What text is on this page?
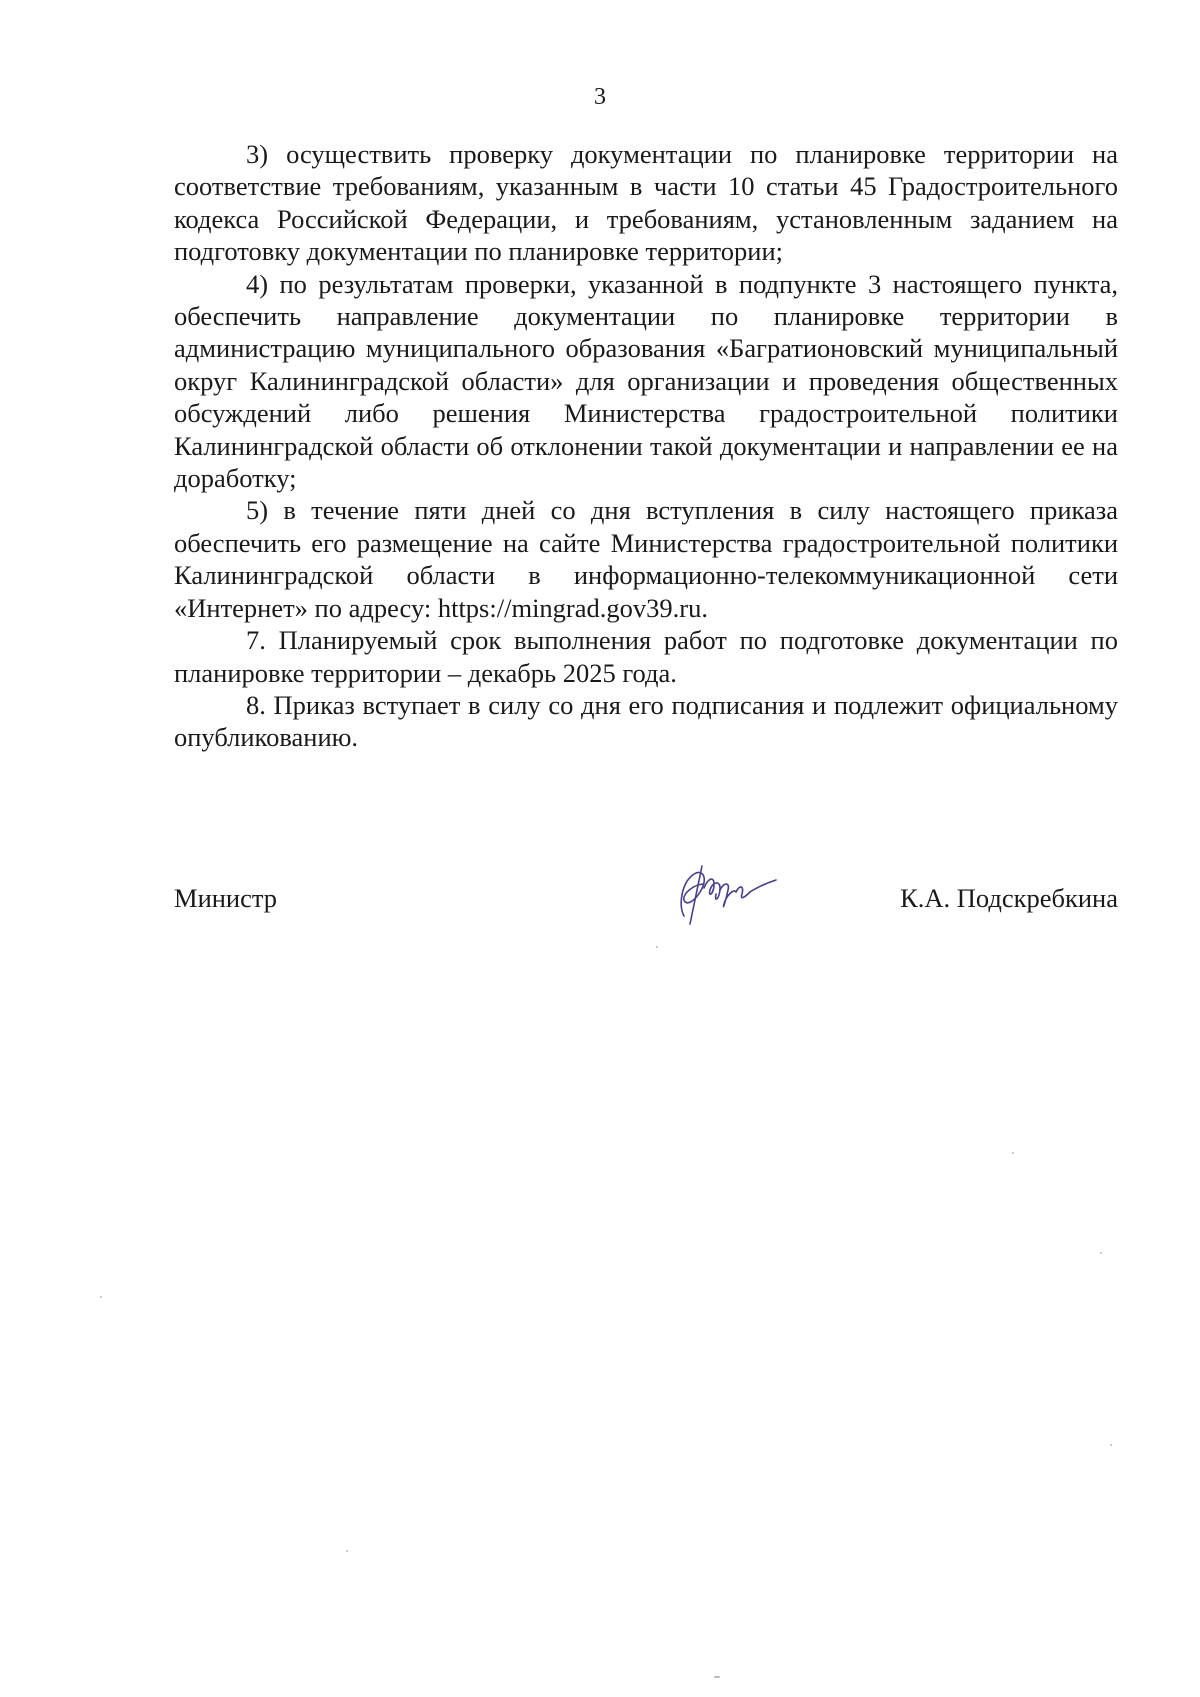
3

3) осуществить проверку документации по планировке территории на соответствие требованиям, указанным в части 10 статьи 45 Градостроительного кодекса Российской Федерации, и требованиям, установленным заданием на подготовку документации по планировке территории;

4) по результатам проверки, указанной в подпункте 3 настоящего пункта, обеспечить направление документации по планировке территории в администрацию муниципального образования «Багратионовский муниципальный округ Калининградской области» для организации и проведения общественных обсуждений либо решения Министерства градостроительной политики Калининградской области об отклонении такой документации и направлении ее на доработку;

5) в течение пяти дней со дня вступления в силу настоящего приказа обеспечить его размещение на сайте Министерства градостроительной политики Калининградской области в информационно-телекоммуникационной сети «Интернет» по адресу: https://mingrad.gov39.ru.

7. Планируемый срок выполнения работ по подготовке документации по планировке территории – декабрь 2025 года.

8. Приказ вступает в силу со дня его подписания и подлежит официальному опубликованию.

Министр	К.А. Подскребкина
